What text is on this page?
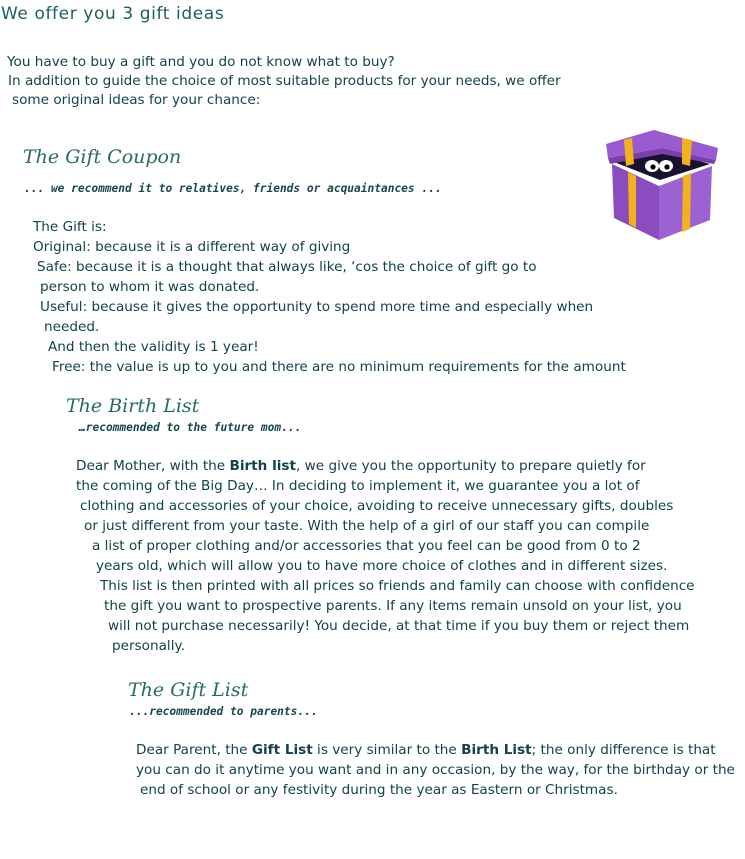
We offer you 3 gift ideas
You have to buy a gift and you do not know what to buy?
In addition to guide the choice of most suitable products for your needs, we offer
some original ideas for your chance:
The Gift Coupon
... we recommend it to relatives, friends or acquaintances ...
The Gift is:
Original: because it is a different way of giving
Safe: because it is a thought that always like, ‘cos the choice of gift go to
person to whom it was donated.
Useful: because it gives the opportunity to spend more time and especially when
needed.
And then the validity is 1 year!
Free: the value is up to you and there are no minimum requirements for the amount
The Birth List
…recommended to the future mom...
Dear Mother, with the Birth list, we give you the opportunity to prepare quietly for
the coming of the Big Day… In deciding to implement it, we guarantee you a lot of
clothing and accessories of your choice, avoiding to receive unnecessary gifts, doubles
or just different from your taste. With the help of a girl of our staff you can compile
a list of proper clothing and/or accessories that you feel can be good from 0 to 2
years old, which will allow you to have more choice of clothes and in different sizes.
This list is then printed with all prices so friends and family can choose with confidence
the gift you want to prospective parents. If any items remain unsold on your list, you
will not purchase necessarily! You decide, at that time if you buy them or reject them
personally.
The Gift List
...recommended to parents...
Dear Parent, the Gift List is very similar to the Birth List; the only difference is that
you can do it anytime you want and in any occasion, by the way, for the birthday or the
end of school or any festivity during the year as Eastern or Christmas.
